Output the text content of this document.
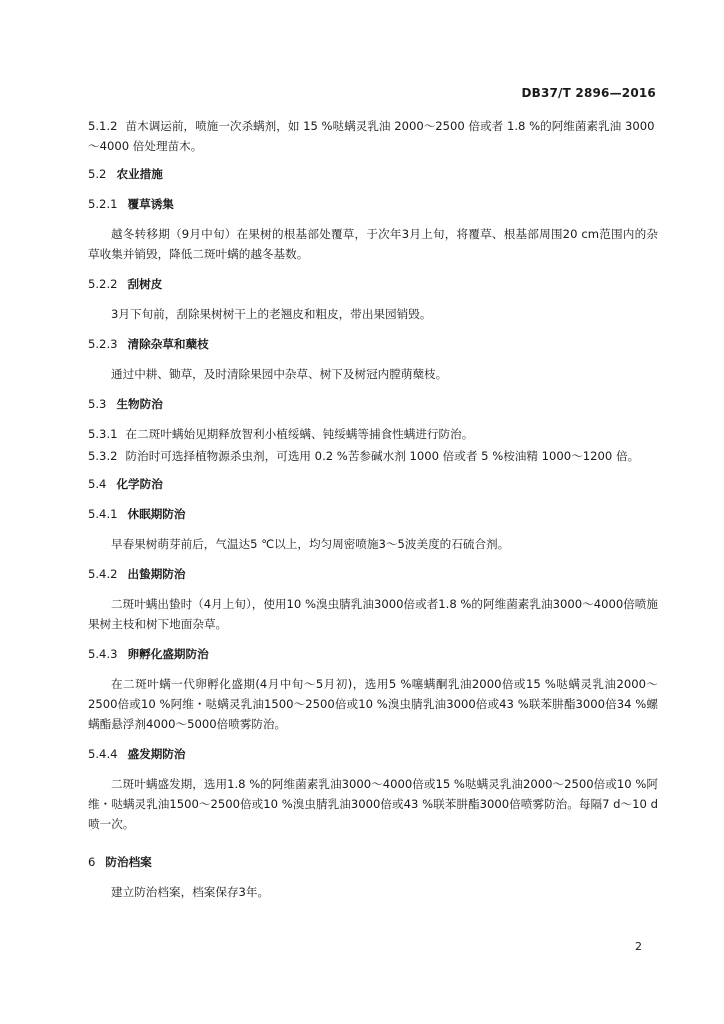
DB37/T 2896—2016
5.1.2 苗木调运前，喷施一次杀螨剂，如 15 %哒螨灵乳油 2000～2500 倍或者 1.8 %的阿维菌素乳油 3000～4000 倍处理苗木。
5.2 农业措施
5.2.1 覆草诱集
越冬转移期（9月中旬）在果树的根基部处覆草，于次年3月上旬，将覆草、根基部周围20 cm范围内的杂草收集并销毁，降低二斑叶螨的越冬基数。
5.2.2 刮树皮
3月下旬前，刮除果树树干上的老翘皮和粗皮，带出果园销毁。
5.2.3 清除杂草和蘖枝
通过中耕、锄草，及时清除果园中杂草、树下及树冠内膛萌蘖枝。
5.3 生物防治
5.3.1 在二斑叶螨始见期释放智利小植绥螨、钝绥螨等捕食性螨进行防治。
5.3.2 防治时可选择植物源杀虫剂，可选用 0.2 %苦参碱水剂 1000 倍或者 5 %桉油精 1000～1200 倍。
5.4 化学防治
5.4.1 休眠期防治
早春果树萌芽前后，气温达5 ℃以上，均匀周密喷施3～5波美度的石硫合剂。
5.4.2 出蛰期防治
二斑叶螨出蛰时（4月上旬），使用10 %溴虫腈乳油3000倍或者1.8 %的阿维菌素乳油3000～4000倍喷施果树主枝和树下地面杂草。
5.4.3 卵孵化盛期防治
在二斑叶螨一代卵孵化盛期(4月中旬～5月初)，选用5 %噻螨酮乳油2000倍或15 %哒螨灵乳油2000～2500倍或10 %阿维・哒螨灵乳油1500～2500倍或10 %溴虫腈乳油3000倍或43 %联苯肼酯3000倍34 %螺螨酯悬浮剂4000～5000倍喷雾防治。
5.4.4 盛发期防治
二斑叶螨盛发期，选用1.8 %的阿维菌素乳油3000～4000倍或15 %哒螨灵乳油2000～2500倍或10 %阿维・哒螨灵乳油1500～2500倍或10 %溴虫腈乳油3000倍或43 %联苯肼酯3000倍喷雾防治。每隔7 d～10 d喷一次。
6 防治档案
建立防治档案，档案保存3年。
2
